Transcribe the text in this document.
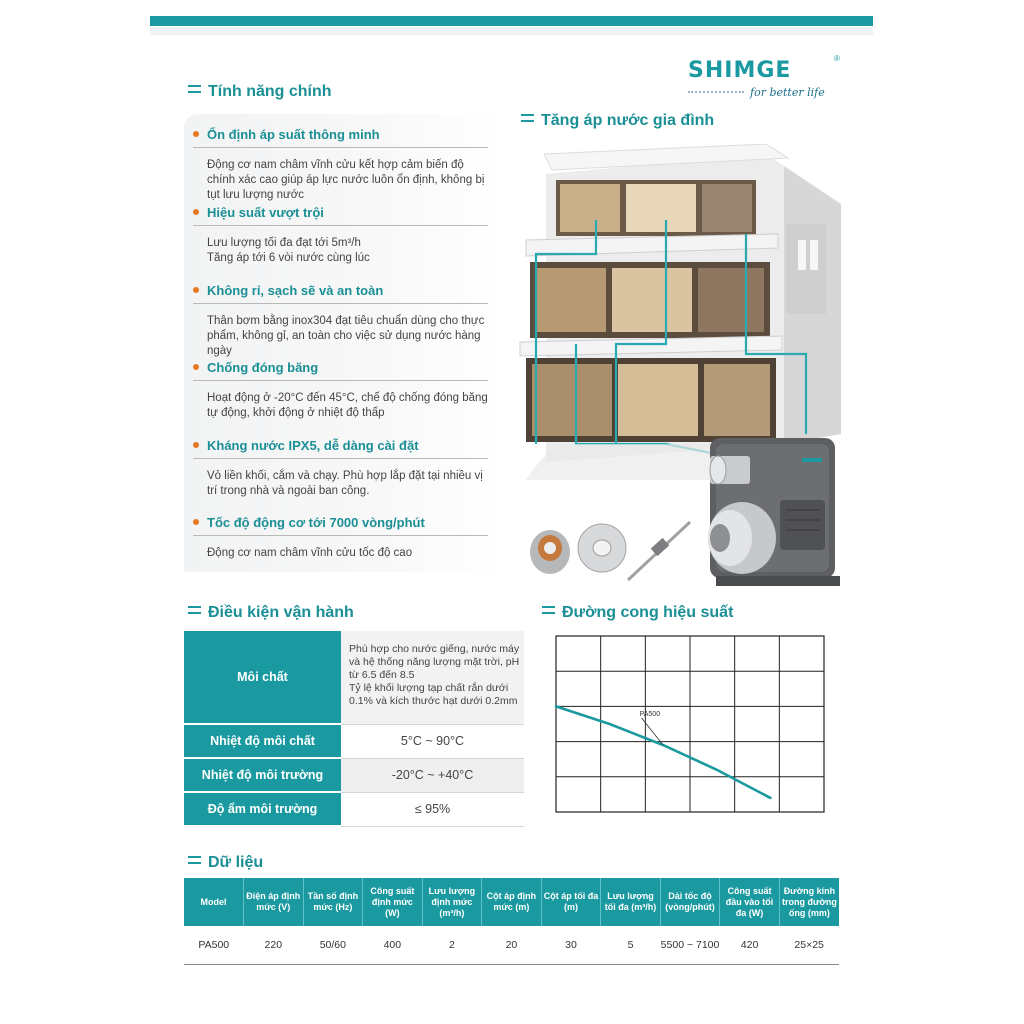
SHIMGE	®
for better life
Tính năng chính
Ổn định áp suất thông minh
Động cơ nam châm vĩnh cửu kết hợp cảm biến độ chính xác cao giúp áp lực nước luôn ổn định, không bị tụt lưu lượng nước
Hiệu suất vượt trội
Lưu lượng tối đa đạt tới 5m³/h
Tăng áp tới 6 vòi nước cùng lúc
Không rỉ, sạch sẽ và an toàn
Thân bơm bằng inox304 đạt tiêu chuẩn dùng cho thực phẩm, không gỉ, an toàn cho việc sử dụng nước hàng ngày
Chống đóng băng
Hoạt động ở -20°C đến 45°C, chế độ chống đóng băng tự động, khởi động ở nhiệt độ thấp
Kháng nước IPX5, dễ dàng cài đặt
Vỏ liền khối, cắm và chạy. Phù hợp lắp đặt tại nhiều vị trí trong nhà và ngoài ban công.
Tốc độ động cơ tới 7000 vòng/phút
Động cơ nam châm vĩnh cửu tốc độ cao
Tăng áp nước gia đình
Điều kiện vận hành
Môi chất	Phù hợp cho nước giếng, nước máy và hệ thống năng lượng mặt trời, pH từ 6.5 đến 8.5
Tỷ lệ khối lượng tạp chất rắn dưới 0.1% và kích thước hạt dưới 0.2mm
Nhiệt độ môi chất	5°C ~ 90°C
Nhiệt độ môi trường	-20°C ~ +40°C
Độ ẩm môi trường	≤ 95%
Đường cong hiệu suất
PA500
Dữ liệu
Model	Điện áp định mức (V)	Tần số định mức (Hz)	Công suất định mức (W)	Lưu lượng định mức (m³/h)	Cột áp định mức (m)	Cột áp tối đa (m)	Lưu lượng tối đa (m³/h)	Dải tốc độ (vòng/phút)	Công suất đầu vào tối đa (W)	Đường kính trong đường ống (mm)
PA500	220	50/60	400	2	20	30	5	5500 ~ 7100	420	25×25
